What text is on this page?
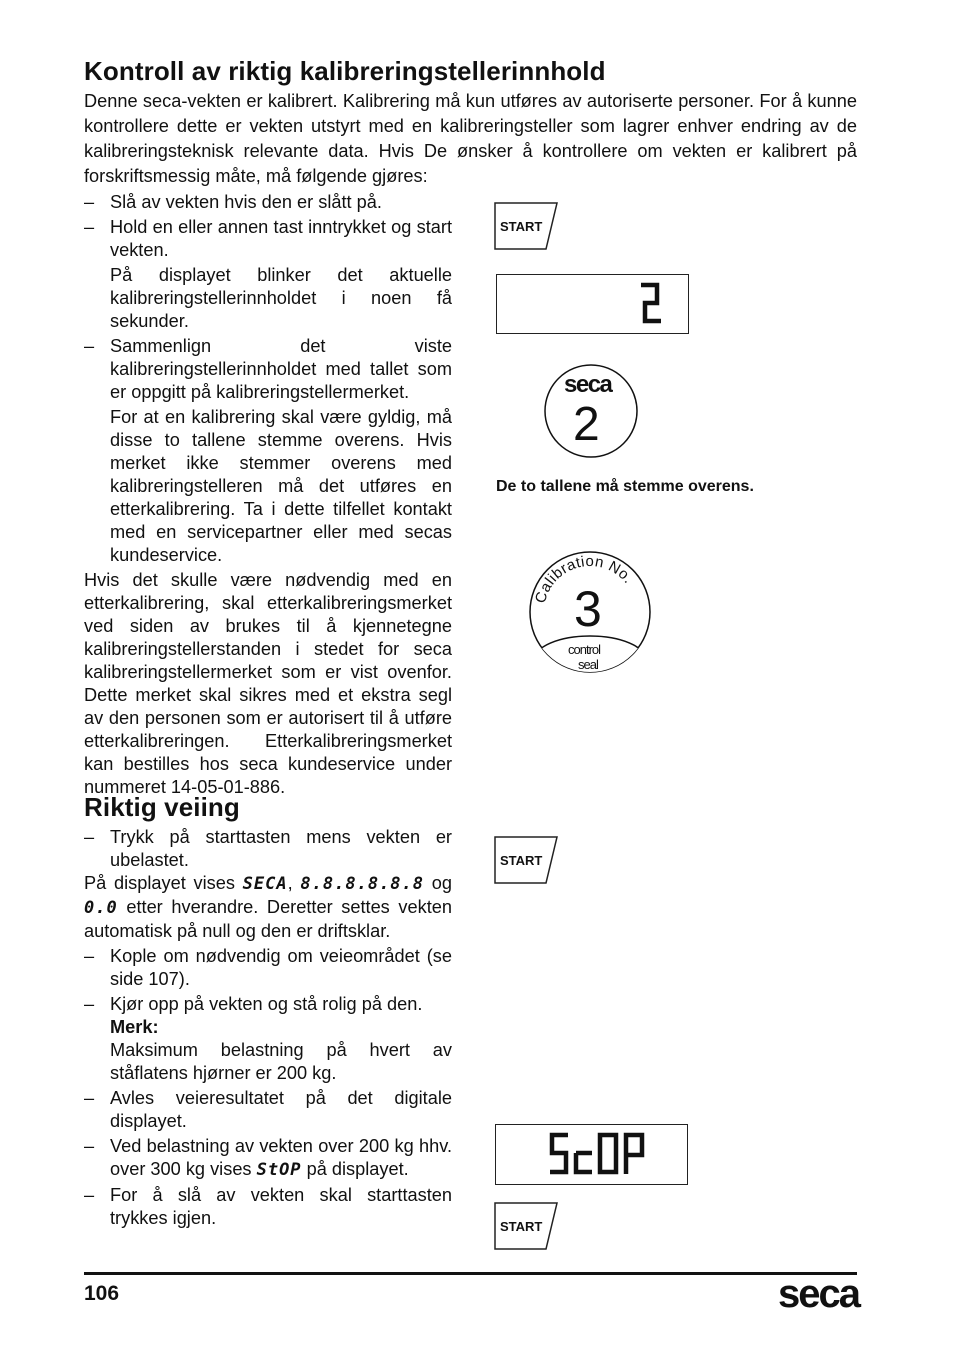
Kontroll av riktig kalibreringstellerinnhold

Denne seca-vekten er kalibrert. Kalibrering må kun utføres av autoriserte personer. For å kunne kontrollere dette er vekten utstyrt med en kalibreringsteller som lagrer enhver endring av de kalibreringsteknisk relevante data. Hvis De ønsker å kontrollere om vekten er kalibrert på forskriftsmessig måte, må følgende gjøres:

– Slå av vekten hvis den er slått på.
– Hold en eller annen tast inntrykket og start vekten.
På displayet blinker det aktuelle kalibreringstellerinnholdet i noen få sekunder.
– Sammenlign det viste kalibreringstellerinnholdet med tallet som er oppgitt på kalibreringstellermerket.
For at en kalibrering skal være gyldig, må disse to tallene stemme overens. Hvis merket ikke stemmer overens med kalibreringstelleren må det utføres en etterkalibrering. Ta i dette tilfellet kontakt med en servicepartner eller med secas kundeservice.
Hvis det skulle være nødvendig med en etterkalibrering, skal etterkalibreringsmerket ved siden av brukes til å kjennetegne kalibreringstellerstanden i stedet for seca kalibreringstellermerket som er vist ovenfor. Dette merket skal sikres med et ekstra segl av den personen som er autorisert til å utføre etterkalibreringen. Etterkalibreringsmerket kan bestilles hos seca kundeservice under nummeret 14-05-01-886.
Riktig veiing
– Trykk på starttasten mens vekten er ubelastet.
På displayet vises SECA, 8.8.8.8.8.8 og 0.0 etter hverandre. Deretter settes vekten automatisk på null og den er driftsklar.
– Kople om nødvendig om veieområdet (se side 107).
– Kjør opp på vekten og stå rolig på den.
Merk:
Maksimum belastning på hvert av ståflatens hjørner er 200 kg.
– Avles veieresultatet på det digitale displayet.
– Ved belastning av vekten over 200 kg hhv. over 300 kg vises StOP på displayet.
– For å slå av vekten skal starttasten trykkes igjen.
START
seca
2
De to tallene må stemme overens.
Calibration No.
3
control
seal
START
START
106	seca
